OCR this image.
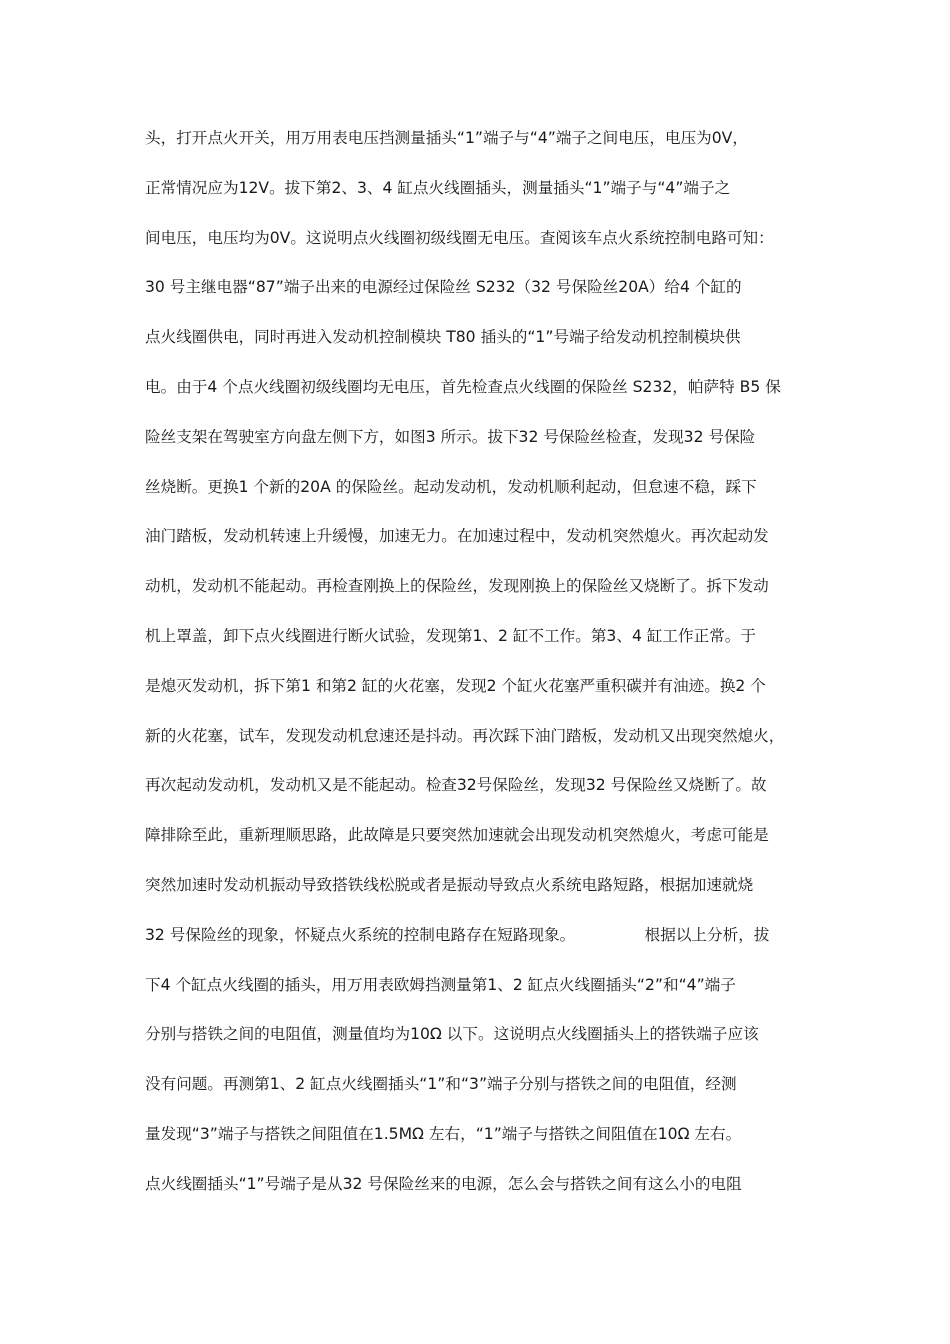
头，打开点火开关，用万用表电压挡测量插头“1”端子与“4”端子之间电压，电压为0V，
正常情况应为12V。拔下第2、3、4 缸点火线圈插头，测量插头“1”端子与“4”端子之
间电压，电压均为0V。这说明点火线圈初级线圈无电压。查阅该车点火系统控制电路可知：
30 号主继电器“87”端子出来的电源经过保险丝 S232（32 号保险丝20A）给4 个缸的
点火线圈供电，同时再进入发动机控制模块 T80 插头的“1”号端子给发动机控制模块供
电。由于4 个点火线圈初级线圈均无电压，首先检查点火线圈的保险丝 S232，帕萨特 B5 保
险丝支架在驾驶室方向盘左侧下方，如图3 所示。拔下32 号保险丝检查，发现32 号保险
丝烧断。更换1 个新的20A 的保险丝。起动发动机，发动机顺利起动，但怠速不稳，踩下
油门踏板，发动机转速上升缓慢，加速无力。在加速过程中，发动机突然熄火。再次起动发
动机，发动机不能起动。再检查刚换上的保险丝，发现刚换上的保险丝又烧断了。拆下发动
机上罩盖，卸下点火线圈进行断火试验，发现第1、2 缸不工作。第3、4 缸工作正常。于
是熄灭发动机，拆下第1 和第2 缸的火花塞，发现2 个缸火花塞严重积碳并有油迹。换2 个
新的火花塞，试车，发现发动机怠速还是抖动。再次踩下油门踏板，发动机又出现突然熄火，
再次起动发动机，发动机又是不能起动。检查32号保险丝，发现32 号保险丝又烧断了。故
障排除至此，重新理顺思路，此故障是只要突然加速就会出现发动机突然熄火，考虑可能是
突然加速时发动机振动导致搭铁线松脱或者是振动导致点火系统电路短路，根据加速就烧
32 号保险丝的现象，怀疑点火系统的控制电路存在短路现象。              根据以上分析，拔
下4 个缸点火线圈的插头，用万用表欧姆挡测量第1、2 缸点火线圈插头“2”和“4”端子
分别与搭铁之间的电阻值，测量值均为10Ω 以下。这说明点火线圈插头上的搭铁端子应该
没有问题。再测第1、2 缸点火线圈插头“1”和“3”端子分别与搭铁之间的电阻值，经测
量发现“3”端子与搭铁之间阻值在1.5MΩ 左右，“1”端子与搭铁之间阻值在10Ω 左右。
点火线圈插头“1”号端子是从32 号保险丝来的电源，怎么会与搭铁之间有这么小的电阻
